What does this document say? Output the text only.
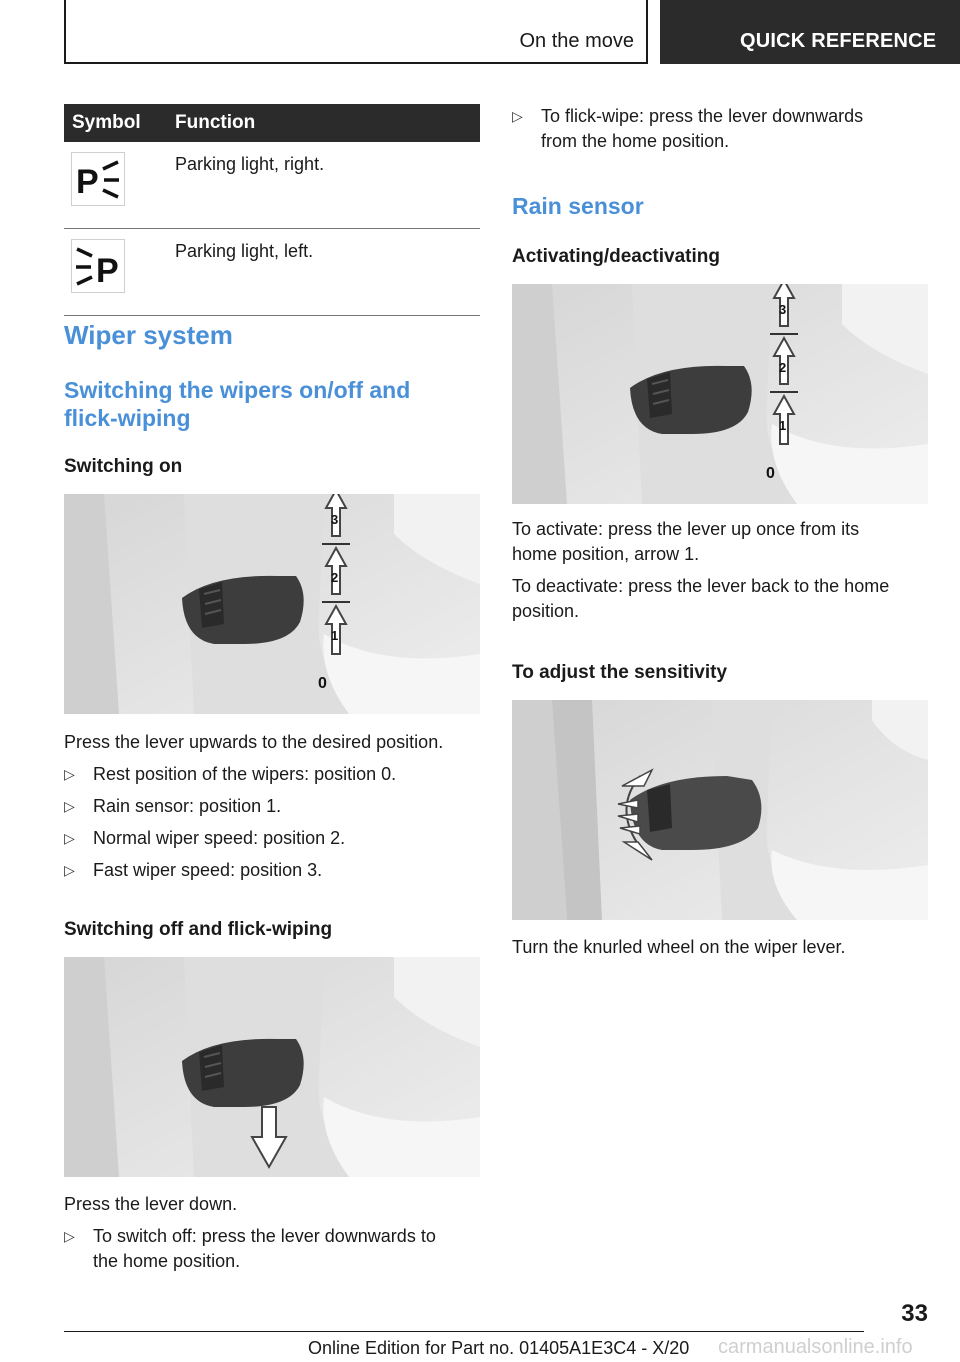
On the move	QUICK REFERENCE
Symbol	Function

P	Parking light, right.

P	Parking light, left.
Wiper system
Switching the wipers on/off and
flick-wiping
Switching on
3
2
1
0

Press the lever upwards to the desired position.

▷ Rest position of the wipers: position 0.
▷ Rain sensor: position 1.
▷ Normal wiper speed: position 2.
▷ Fast wiper speed: position 3.
Switching off and flick-wiping

Press the lever down.

▷ To switch off: press the lever downwards to
the home position.
▷ To flick-wipe: press the lever downwards
from the home position.
Rain sensor
Activating/deactivating
3
2
1
0

To activate: press the lever up once from its

home position, arrow 1.

To deactivate: press the lever back to the home

position.

To adjust the sensitivity

Turn the knurled wheel on the wiper lever.

33
Online Edition for Part no. 01405A1E3C4 - X/20 carmanualsonline.info
